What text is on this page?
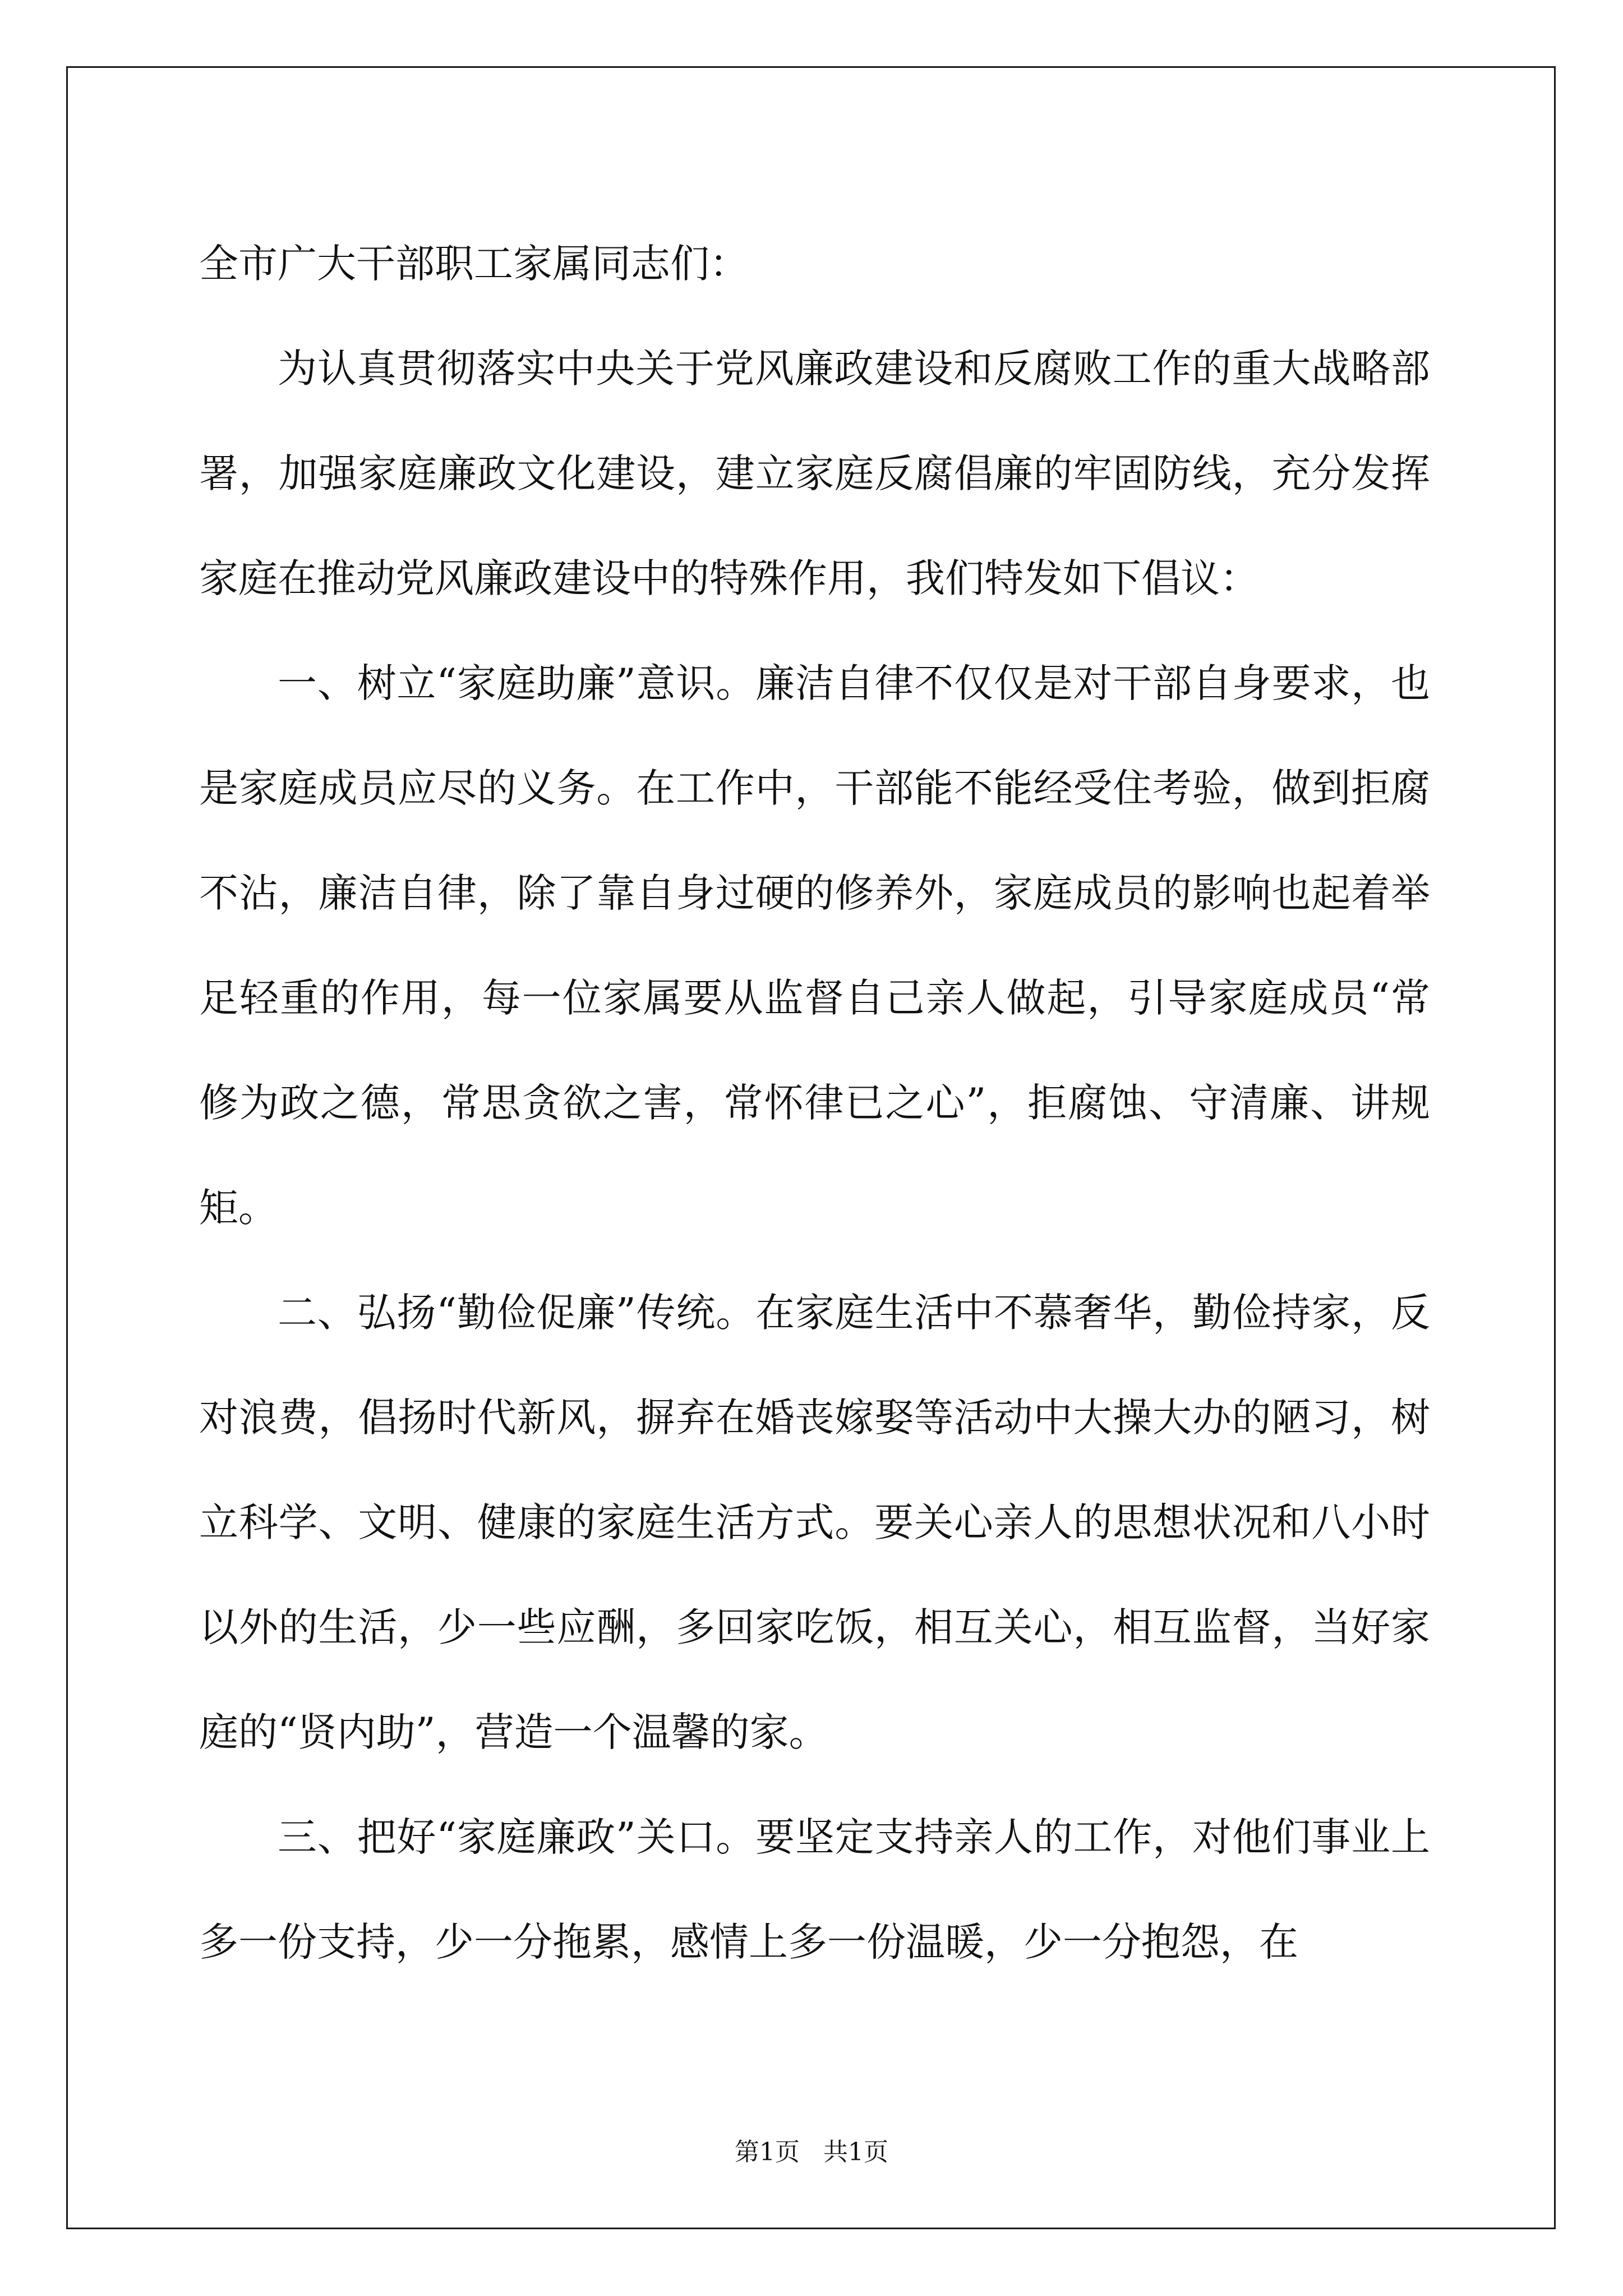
全市广大干部职工家属同志们：

为认真贯彻落实中央关于党风廉政建设和反腐败工作的重大战略部署，加强家庭廉政文化建设，建立家庭反腐倡廉的牢固防线，充分发挥家庭在推动党风廉政建设中的特殊作用，我们特发如下倡议：

一、树立“家庭助廉”意识。廉洁自律不仅仅是对干部自身要求，也是家庭成员应尽的义务。在工作中，干部能不能经受住考验，做到拒腐不沾，廉洁自律，除了靠自身过硬的修养外，家庭成员的影响也起着举足轻重的作用，每一位家属要从监督自己亲人做起，引导家庭成员“常修为政之德，常思贪欲之害，常怀律已之心”，拒腐蚀、守清廉、讲规矩。

二、弘扬“勤俭促廉”传统。在家庭生活中不慕奢华，勤俭持家，反对浪费，倡扬时代新风，摒弃在婚丧嫁娶等活动中大操大办的陋习，树立科学、文明、健康的家庭生活方式。要关心亲人的思想状况和八小时以外的生活，少一些应酬，多回家吃饭，相互关心，相互监督，当好家庭的“贤内助”，营造一个温馨的家。

三、把好“家庭廉政”关口。要坚定支持亲人的工作，对他们事业上多一份支持，少一分拖累，感情上多一份温暖，少一分抱怨，在

第1页   共1页
